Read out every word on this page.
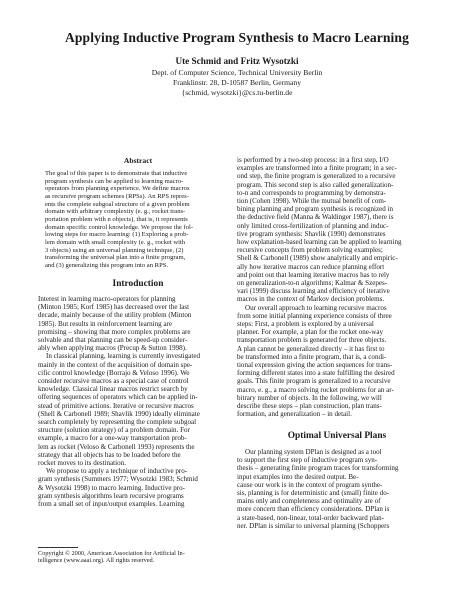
Applying Inductive Program Synthesis to Macro Learning
Ute Schmid and Fritz Wysotzki
Dept. of Computer Science, Technical University Berlin
Franklinstr. 28, D-10587 Berlin, Germany
{schmid, wysotzki}@cs.tu-berlin.de
Abstract
The goal of this paper is to demonstrate that inductive
program synthesis can be applied to learning macro-
operators from planning experience. We define macros
as recursive program schemes (RPSs). An RPS repres-
ents the complete subgoal structure of a given problem
domain with arbitrary complexity (e. g., rocket trans-
portation problem with n objects), that is, it represents
domain specific control knowledge. We propose the fol-
lowing steps for macro learning: (1) Exploring a prob-
lem domain with small complexity (e. g., rocket with
3 objects) using an universal planning technique, (2)
transforming the universal plan into a finite program,
and (3) generalizing this program into an RPS.
Introduction
Interest in learning macro-operators for planning
(Minton 1985; Korf 1985) has decreased over the last
decade, mainly because of the utility problem (Minton
1985). But results in reinforcement learning are
promising – showing that more complex problems are
solvable and that planning can be speed-up consider-
ably when applying macros (Precup & Sutton 1998).
In classical planning, learning is currently investigated
mainly in the context of the acquisition of domain spe-
cific control knowledge (Borrajo & Veloso 1996). We
consider recursive macros as a special case of control
knowledge. Classical linear macros restrict search by
offering sequences of operators which can be applied in-
stead of primitive actions. Iterative or recursive macros
(Shell & Carbonell 1989; Shavlik 1990) ideally eliminate
search completely by representing the complete subgoal
structure (solution strategy) of a problem domain. For
example, a macro for a one-way transportation prob-
lem as rocket (Veloso & Carbonell 1993) represents the
strategy that all objects has to be loaded before the
rocket moves to its destination.
We propose to apply a technique of inductive pro-
gram synthesis (Summers 1977; Wysotzki 1983; Schmid
& Wysotzki 1998) to macro learning. Inductive pro-
gram synthesis algorithms learn recursive programs
from a small set of input/output examples. Learning
Copyright © 2000, American Association for Artificial In-
telligence (www.aaai.org). All rights reserved.
is performed by a two-step process: in a first step, I/O
examples are transformed into a finite program; in a sec-
ond step, the finite program is generalized to a recursive
program. This second step is also called generalization-
to-n and corresponds to programming by demonstra-
tion (Cohen 1998). While the mutual benefit of com-
bining planning and program synthesis is recognized in
the deductive field (Manna & Waldinger 1987), there is
only limited cross-fertilization of planning and induc-
tive program synthesis: Shavlik (1990) demonstrates
how explanation-based learning can be applied to learning
recursive concepts from problem solving examples;
Shell & Carbonell (1989) show analytically and empiric-
ally how iterative macros can reduce planning effort
and point out that learning iterative macros has to rely
on generalization-to-n algorithms; Kalmar & Szepes-
vari (1999) discuss learning and efficiency of iterative
macros in the context of Markov decision problems.
Our overall approach to learning recursive macros
from some initial planning experience consists of three
steps: First, a problem is explored by a universal
planner. For example, a plan for the rocket one-way
transportation problem is generated for three objects.
A plan cannot be generalized directly – it has first to
be transformed into a finite program, that is, a condi-
tional expression giving the action sequences for trans-
forming different states into a state fulfilling the desired
goals. This finite program is generalized to a recursive
macro, e. g., a macro solving rocket problems for an ar-
bitrary number of objects. In the following, we will
describe these steps – plan construction, plan trans-
formation, and generalization – in detail.
Optimal Universal Plans
Our planning system DPlan is designed as a tool
to support the first step of inductive program syn-
thesis – generating finite program traces for transforming
input examples into the desired output. Be-
cause our work is in the context of program synthe-
sis, planning is for deterministic and (small) finite do-
mains only and completeness and optimality are of
more concern than efficiency considerations. DPlan is
a state-based, non-linear, total-order backward plan-
ner. DPlan is similar to universal planning (Schoppers
